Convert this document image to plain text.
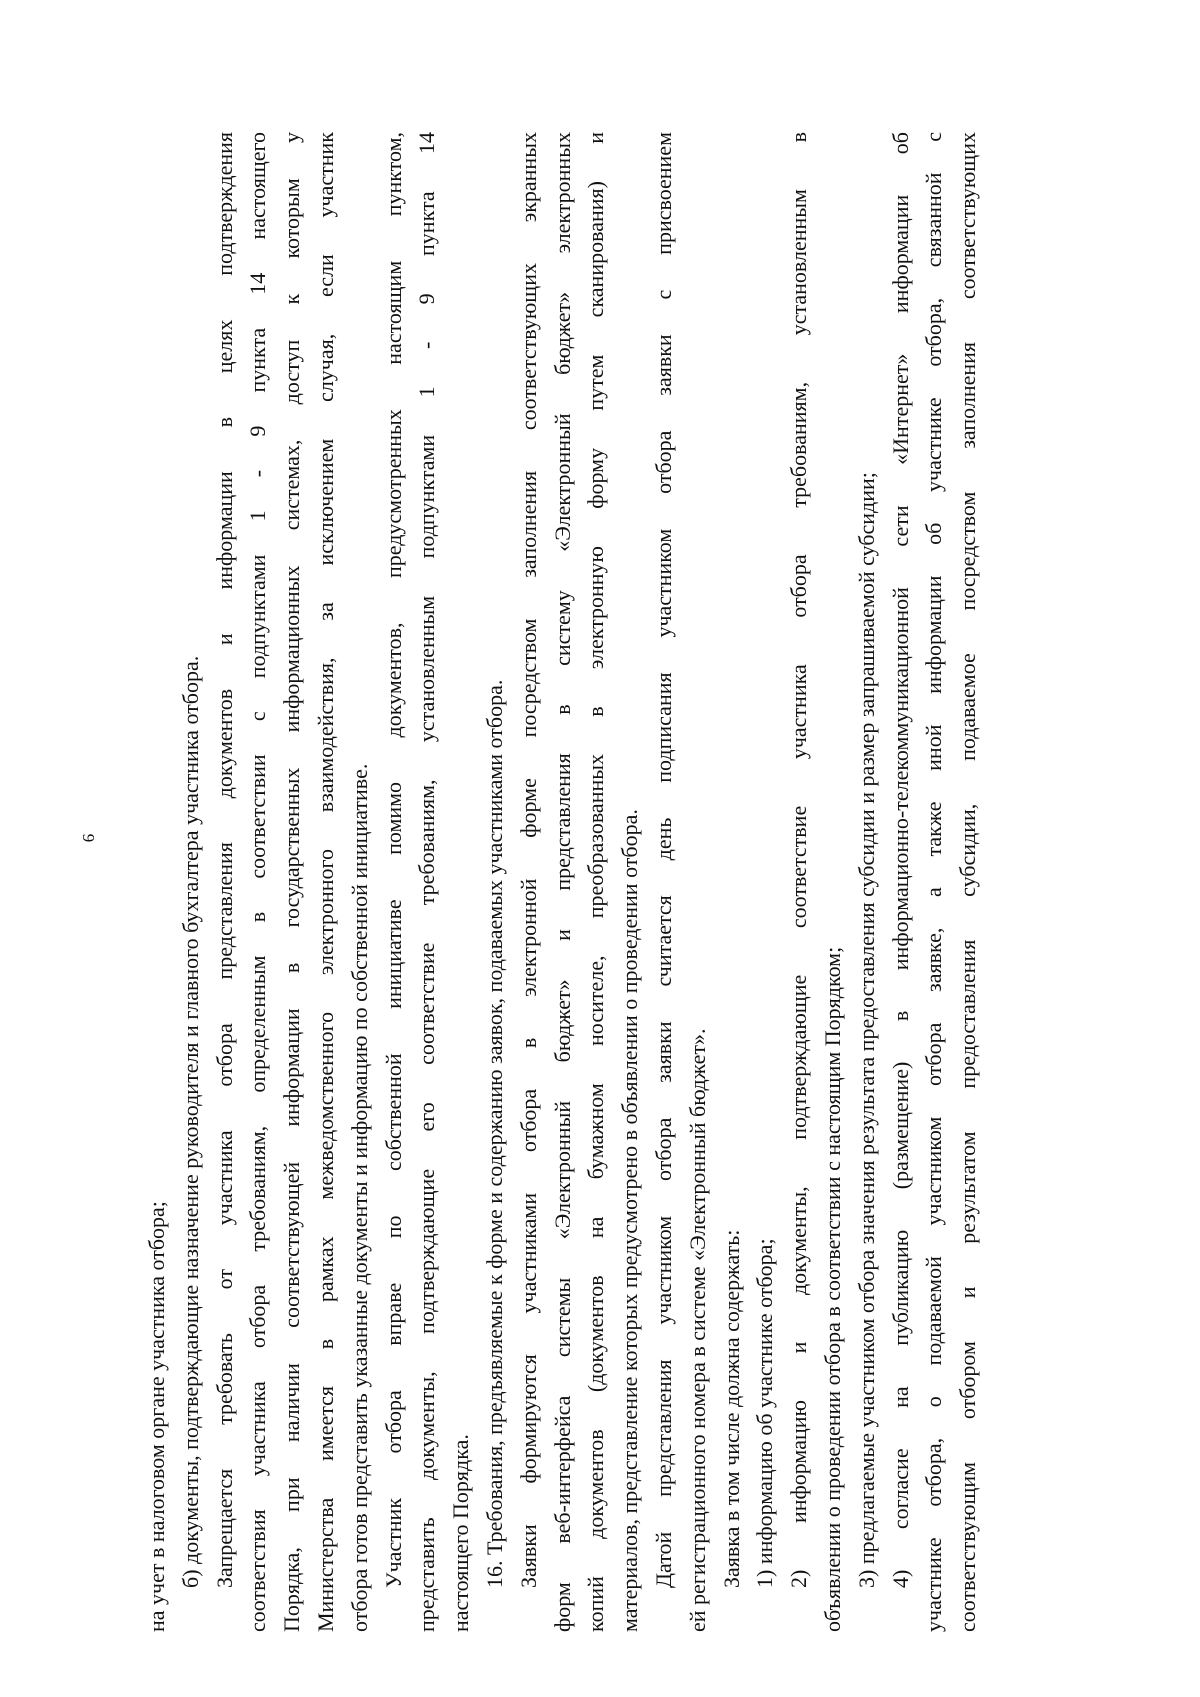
9
на учет в налоговом органе участника отбора; б) документы, подтверждающие назначение руководителя и главного бухгалтера участника отбора. Запрещается требовать от участника отбора представления документов и информации в целях подтверждения соответствия участника отбора требованиям, определенным в соответствии с подпунктами 1 - 9 пункта 14 настоящего Порядка, при наличии соответствующей информации в государственных информационных системах, доступ к которым у Министерства имеется в рамках межведомственного электронного взаимодействия, за исключением случая, если участник отбора готов представить указанные документы и информацию по собственной инициативе. Участник отбора вправе по собственной инициативе помимо документов, предусмотренных настоящим пунктом, представить документы, подтверждающие его соответствие требованиям, установленным подпунктами 1 - 9 пункта 14 настоящего Порядка. 16. Требования, предъявляемые к форме и содержанию заявок, подаваемых участниками отбора. Заявки формируются участниками отбора в электронной форме посредством заполнения соответствующих экранных форм веб-интерфейса системы «Электронный бюджет» и представления в систему «Электронный бюджет» электронных копий документов (документов на бумажном носителе, преобразованных в электронную форму путем сканирования) и материалов, представление которых предусмотрено в объявлении о проведении отбора. Датой представления участником отбора заявки считается день подписания участником отбора заявки с присвоением ей регистрационного номера в системе «Электронный бюджет». Заявка в том числе должна содержать: 1) информацию об участнике отбора; 2) информацию и документы, подтверждающие соответствие участника отбора требованиям, установленным в объявлении о проведении отбора в соответствии с настоящим Порядком; 3) предлагаемые участником отбора значения результата предоставления субсидии и размер запрашиваемой субсидии; 4) согласие на публикацию (размещение) в информационно-телекоммуникационной сети «Интернет» информации об участнике отбора, о подаваемой участником отбора заявке, а также иной информации об участнике отбора, связанной с соответствующим отбором и результатом предоставления субсидии, подаваемое посредством заполнения соответствующих
